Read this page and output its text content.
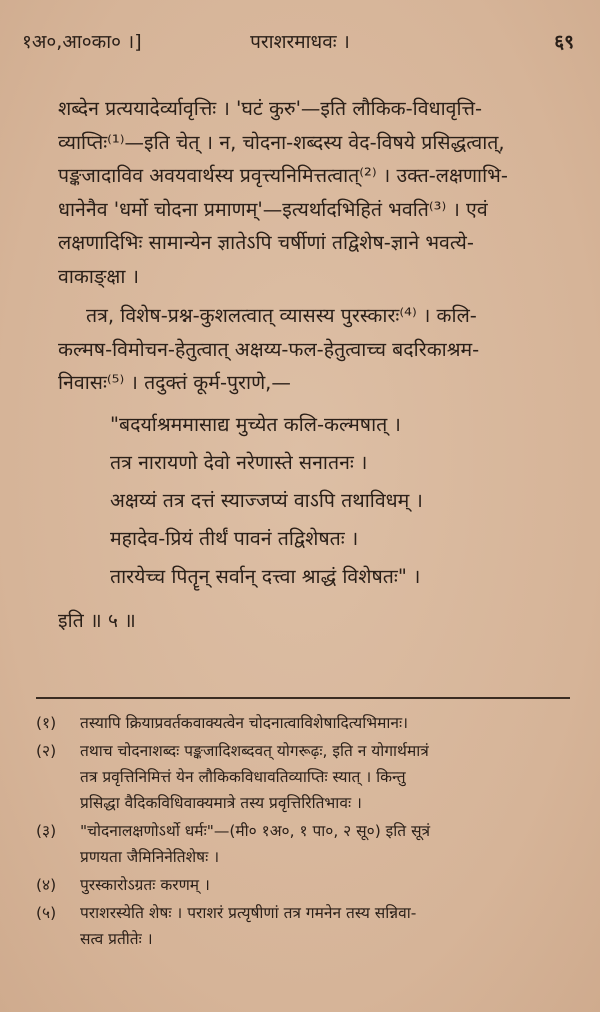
१अ०,आ०का० ।]	पराशरमाधवः ।	६९

शब्देन प्रत्ययादेर्व्यावृत्तिः । 'घटं कुरु'—इति लौकिक-विधावृत्ति-
व्याप्तिः⁽¹⁾—इति चेत् । न, चोदना-शब्दस्य वेद-विषये प्रसिद्धत्वात्,
पङ्कजादाविव अवयवार्थस्य प्रवृत्त्यनिमित्तत्वात्⁽²⁾ । उक्त-लक्षणाभि-
धानेनैव 'धर्मो चोदना प्रमाणम्'—इत्यर्थादभिहितं भवति⁽³⁾ । एवं
लक्षणादिभिः सामान्येन ज्ञातेऽपि चर्षीणां तद्विशेष-ज्ञाने भवत्ये-
वाकाङ्क्षा ।

तत्र, विशेष-प्रश्न-कुशलत्वात् व्यासस्य पुरस्कारः⁽⁴⁾ । कलि-
कल्मष-विमोचन-हेतुत्वात् अक्षय्य-फल-हेतुत्वाच्च बदरिकाश्रम-
निवासः⁽⁵⁾ । तदुक्तं कूर्म-पुराणे,—

"बदर्याश्रममासाद्य मुच्येत कलि-कल्मषात् ।
तत्र नारायणो देवो नरेणास्ते सनातनः ।
अक्षय्यं तत्र दत्तं स्याज्जप्यं वाऽपि तथाविधम् ।
महादेव-प्रियं तीर्थं पावनं तद्विशेषतः ।
तारयेच्च पितॄन् सर्वान् दत्त्वा श्राद्धं विशेषतः" ।
इति ॥ ५ ॥
(१)	तस्यापि क्रियाप्रवर्तकवाक्यत्वेन चोदनात्वाविशेषादित्यभिमानः।
(२)	तथाच चोदनाशब्दः पङ्कजादिशब्दवत् योगरूढ़ः, इति न योगार्थमात्रं
तत्र प्रवृत्तिनिमित्तं येन लौकिकविधावतिव्याप्तिः स्यात् । किन्तु
प्रसिद्धा वैदिकविधिवाक्यमात्रे तस्य प्रवृत्तिरितिभावः ।
(३)	"चोदनालक्षणोऽर्थो धर्मः"—(मी० १अ०, १ पा०, २ सू०) इति सूत्रं
प्रणयता जैमिनिनेतिशेषः ।
(४)	पुरस्कारोऽग्रतः करणम् ।
(५)	पराशरस्येति शेषः । पराशरं प्रत्यृषीणां तत्र गमनेन तस्य सन्निवा-
सत्व प्रतीतेः ।
